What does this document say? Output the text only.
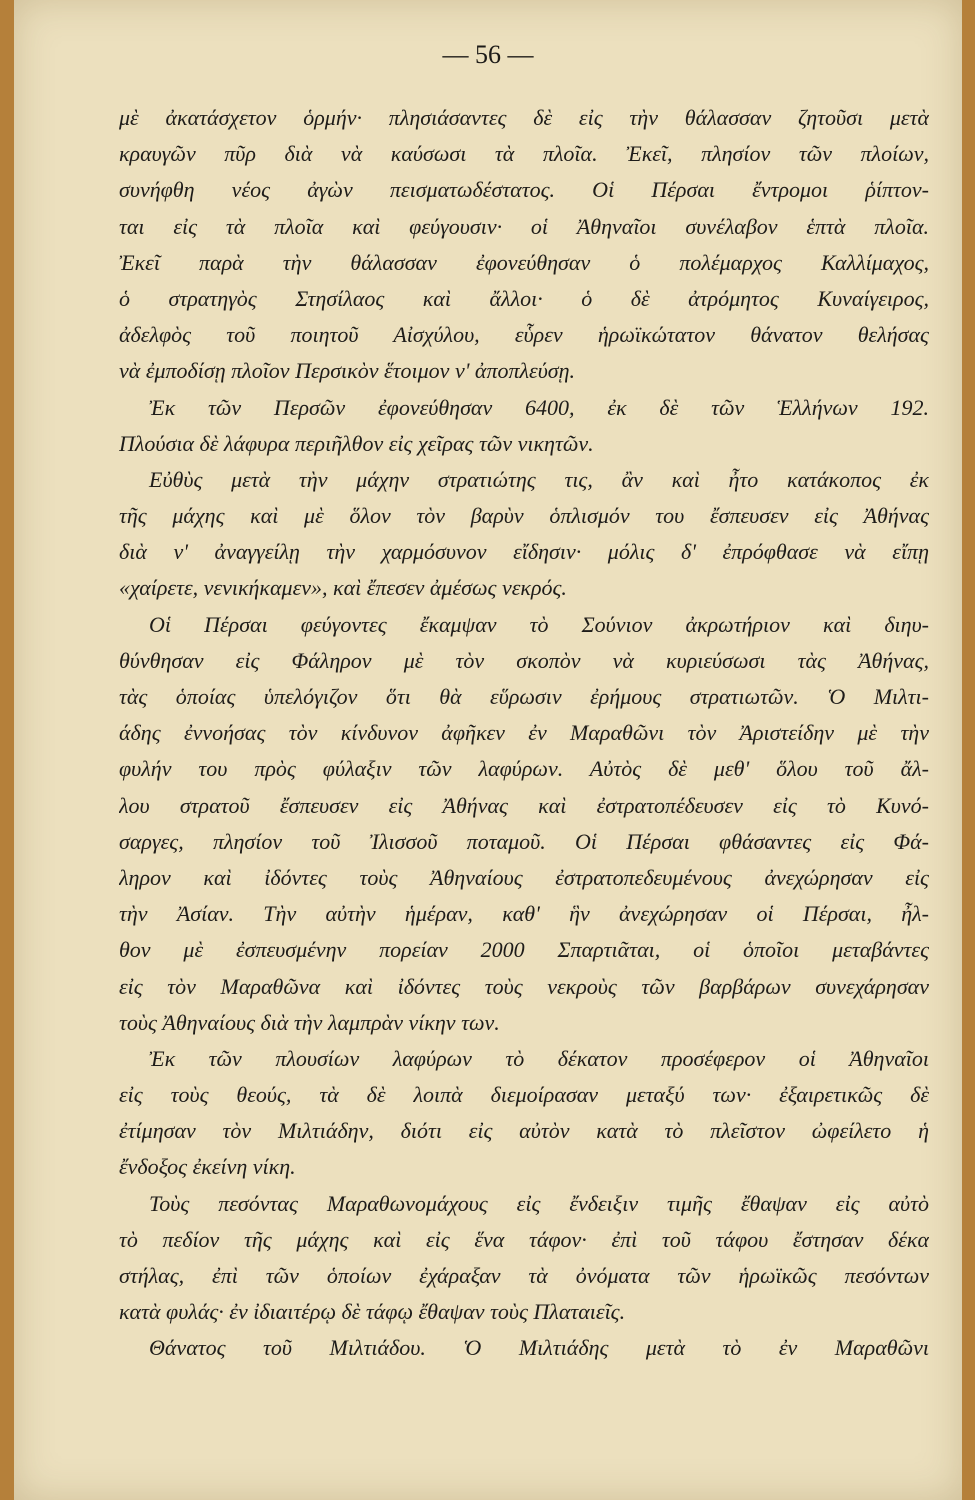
— 56 —
μὲ ἀκατάσχετον ὁρμήν· πλησιάσαντες δὲ εἰς τὴν θάλασσαν ζητοῦσι μετὰ
κραυγῶν πῦρ διὰ νὰ καύσωσι τὰ πλοῖα. Ἐκεῖ, πλησίον τῶν πλοίων,
συνήφθη νέος ἀγὼν πεισματωδέστατος. Οἱ Πέρσαι ἔντρομοι ῥίπτον-
ται εἰς τὰ πλοῖα καὶ φεύγουσιν· οἱ Ἀθηναῖοι συνέλαβον ἑπτὰ πλοῖα.
Ἐκεῖ παρὰ τὴν θάλασσαν ἐφονεύθησαν ὁ πολέμαρχος Καλλίμαχος,
ὁ στρατηγὸς Στησίλαος καὶ ἄλλοι· ὁ δὲ ἀτρόμητος Κυναίγειρος,
ἀδελφὸς τοῦ ποιητοῦ Αἰσχύλου, εὗρεν ἡρωϊκώτατον θάνατον θελήσας
νὰ ἐμποδίσῃ πλοῖον Περσικὸν ἕτοιμον ν' ἀποπλεύσῃ.
Ἐκ τῶν Περσῶν ἐφονεύθησαν 6400, ἐκ δὲ τῶν Ἑλλήνων 192.
Πλούσια δὲ λάφυρα περιῆλθον εἰς χεῖρας τῶν νικητῶν.
Εὐθὺς μετὰ τὴν μάχην στρατιώτης τις, ἂν καὶ ἦτο κατάκοπος ἐκ
τῆς μάχης καὶ μὲ ὅλον τὸν βαρὺν ὁπλισμόν του ἔσπευσεν εἰς Ἀθήνας
διὰ ν' ἀναγγείλῃ τὴν χαρμόσυνον εἴδησιν· μόλις δ' ἐπρόφθασε νὰ εἴπῃ
«χαίρετε, νενικήκαμεν», καὶ ἔπεσεν ἀμέσως νεκρός.
Οἱ Πέρσαι φεύγοντες ἔκαμψαν τὸ Σούνιον ἀκρωτήριον καὶ διηυ-
θύνθησαν εἰς Φάληρον μὲ τὸν σκοπὸν νὰ κυριεύσωσι τὰς Ἀθήνας,
τὰς ὁποίας ὑπελόγιζον ὅτι θὰ εὕρωσιν ἐρήμους στρατιωτῶν. Ὁ Μιλτι-
άδης ἐννοήσας τὸν κίνδυνον ἀφῆκεν ἐν Μαραθῶνι τὸν Ἀριστείδην μὲ τὴν
φυλήν του πρὸς φύλαξιν τῶν λαφύρων. Αὐτὸς δὲ μεθ' ὅλου τοῦ ἄλ-
λου στρατοῦ ἔσπευσεν εἰς Ἀθήνας καὶ ἐστρατοπέδευσεν εἰς τὸ Κυνό-
σαργες, πλησίον τοῦ Ἰλισσοῦ ποταμοῦ. Οἱ Πέρσαι φθάσαντες εἰς Φά-
ληρον καὶ ἰδόντες τοὺς Ἀθηναίους ἐστρατοπεδευμένους ἀνεχώρησαν εἰς
τὴν Ἀσίαν. Τὴν αὐτὴν ἡμέραν, καθ' ἣν ἀνεχώρησαν οἱ Πέρσαι, ἦλ-
θον μὲ ἐσπευσμένην πορείαν 2000 Σπαρτιᾶται, οἱ ὁποῖοι μεταβάντες
εἰς τὸν Μαραθῶνα καὶ ἰδόντες τοὺς νεκροὺς τῶν βαρβάρων συνεχάρησαν
τοὺς Ἀθηναίους διὰ τὴν λαμπρὰν νίκην των.
Ἐκ τῶν πλουσίων λαφύρων τὸ δέκατον προσέφερον οἱ Ἀθηναῖοι
εἰς τοὺς θεούς, τὰ δὲ λοιπὰ διεμοίρασαν μεταξύ των· ἐξαιρετικῶς δὲ
ἐτίμησαν τὸν Μιλτιάδην, διότι εἰς αὐτὸν κατὰ τὸ πλεῖστον ὠφείλετο ἡ
ἔνδοξος ἐκείνη νίκη.
Τοὺς πεσόντας Μαραθωνομάχους εἰς ἔνδειξιν τιμῆς ἔθαψαν εἰς αὐτὸ
τὸ πεδίον τῆς μάχης καὶ εἰς ἕνα τάφον· ἐπὶ τοῦ τάφου ἔστησαν δέκα
στήλας, ἐπὶ τῶν ὁποίων ἐχάραξαν τὰ ὀνόματα τῶν ἡρωϊκῶς πεσόντων
κατὰ φυλάς· ἐν ἰδιαιτέρῳ δὲ τάφῳ ἔθαψαν τοὺς Πλαταιεῖς.
Θάνατος τοῦ Μιλτιάδου. Ὁ Μιλτιάδης μετὰ τὸ ἐν Μαραθῶνι
